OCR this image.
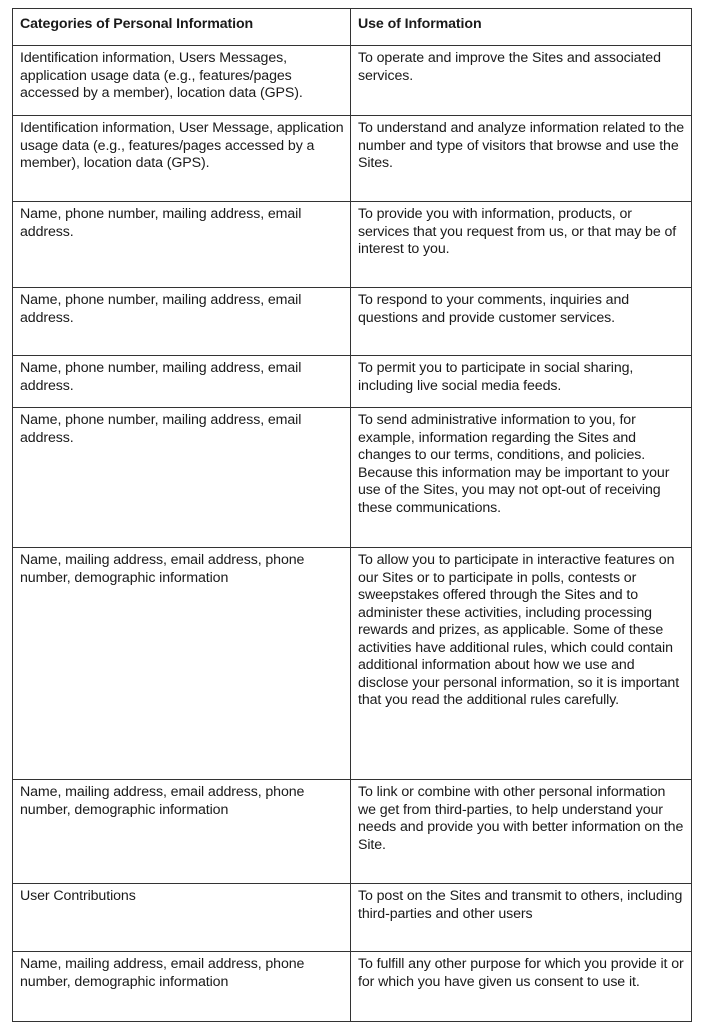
Categories of Personal Information	Use of Information
Identification information, Users Messages, application usage data (e.g., features/pages accessed by a member), location data (GPS).	To operate and improve the Sites and associated services.
Identification information, User Message, application usage data (e.g., features/pages accessed by a member), location data (GPS).	To understand and analyze information related to the number and type of visitors that browse and use the Sites.
Name, phone number, mailing address, email address.	To provide you with information, products, or services that you request from us, or that may be of interest to you.
Name, phone number, mailing address, email address.	To respond to your comments, inquiries and questions and provide customer services.
Name, phone number, mailing address, email address.	To permit you to participate in social sharing, including live social media feeds.
Name, phone number, mailing address, email address.	To send administrative information to you, for example, information regarding the Sites and changes to our terms, conditions, and policies. Because this information may be important to your use of the Sites, you may not opt-out of receiving these communications.
Name, mailing address, email address, phone number, demographic information	To allow you to participate in interactive features on our Sites or to participate in polls, contests or sweepstakes offered through the Sites and to administer these activities, including processing rewards and prizes, as applicable. Some of these activities have additional rules, which could contain additional information about how we use and disclose your personal information, so it is important that you read the additional rules carefully.
Name, mailing address, email address, phone number, demographic information	To link or combine with other personal information we get from third-parties, to help understand your needs and provide you with better information on the Site.
User Contributions	To post on the Sites and transmit to others, including third-parties and other users
Name, mailing address, email address, phone number, demographic information	To fulfill any other purpose for which you provide it or for which you have given us consent to use it.
